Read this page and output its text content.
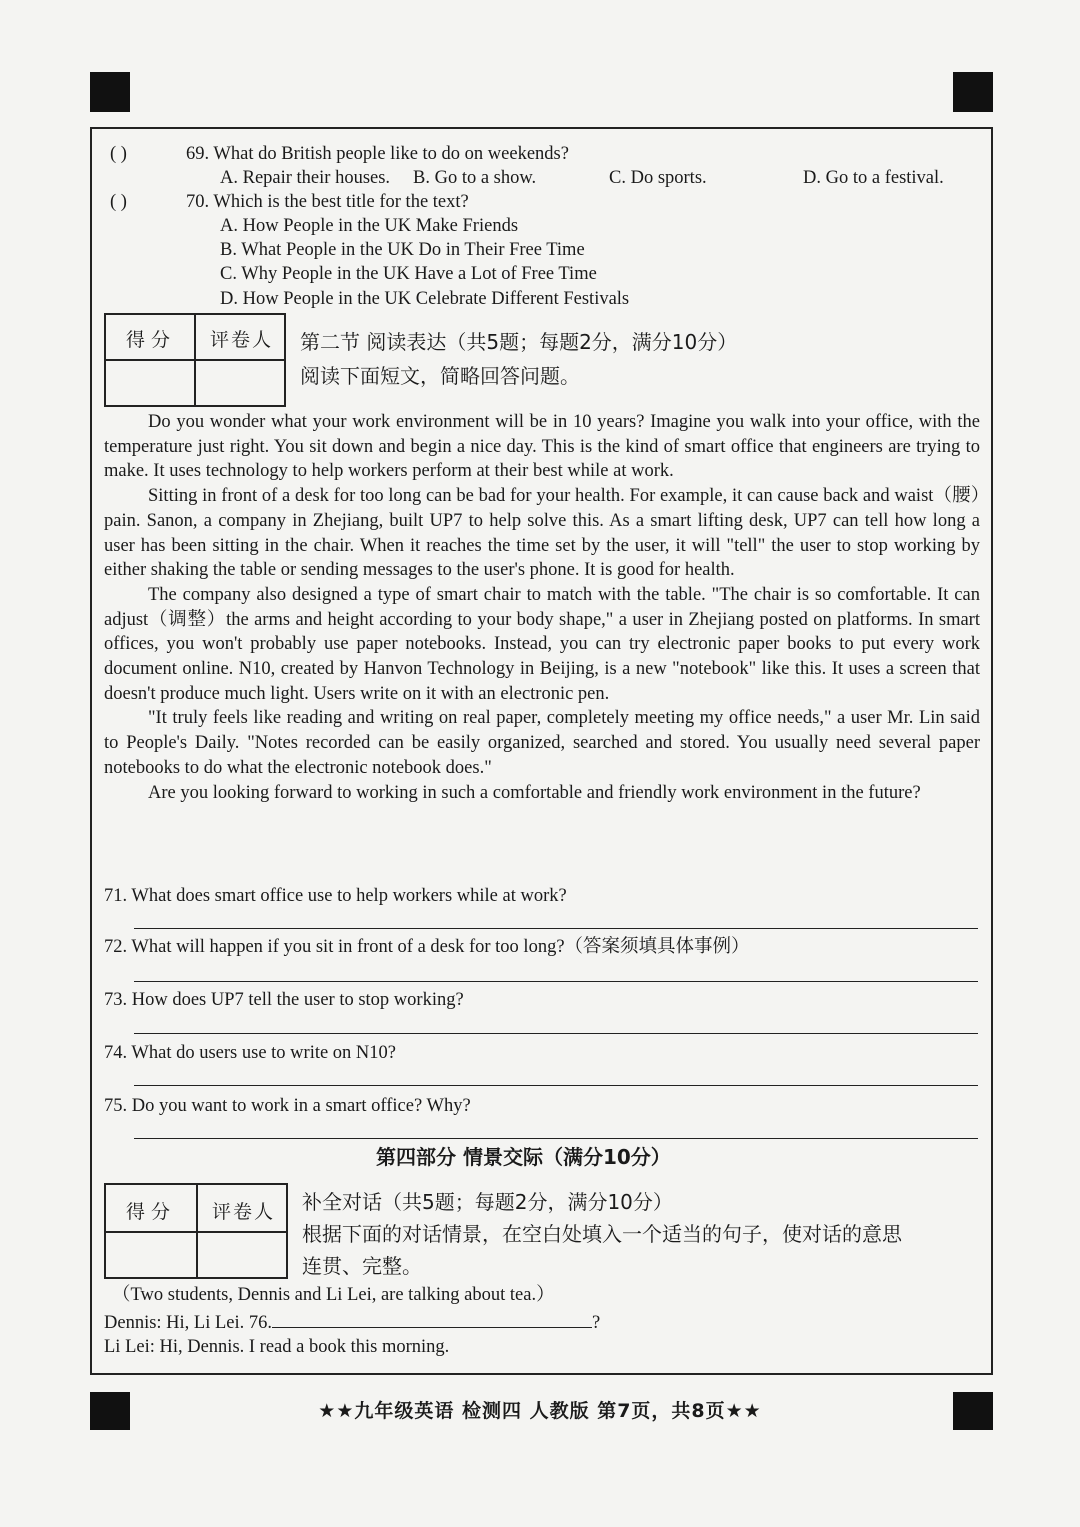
( )	69. What do British people like to do on weekends?
A. Repair their houses. B. Go to a show.	C. Do sports.	D. Go to a festival.
( )	70. Which is the best title for the text?
A. How People in the UK Make Friends
B. What People in the UK Do in Their Free Time
C. Why People in the UK Have a Lot of Free Time
D. How People in the UK Celebrate Different Festivals
得分 评卷人 第二节 阅读表达（共5题；每题2分，满分10分）
阅读下面短文，简略回答问题。

Do you wonder what your work environment will be in 10 years? Imagine you walk into your office, with the temperature just right. You sit down and begin a nice day. This is the kind of smart office that engineers are trying to make. It uses technology to help workers perform at their best while at work.

Sitting in front of a desk for too long can be bad for your health. For example, it can cause back and waist（腰）pain. Sanon, a company in Zhejiang, built UP7 to help solve this. As a smart lifting desk, UP7 can tell how long a user has been sitting in the chair. When it reaches the time set by the user, it will "tell" the user to stop working by either shaking the table or sending messages to the user's phone. It is good for health.

The company also designed a type of smart chair to match with the table. "The chair is so comfortable. It can adjust（调整）the arms and height according to your body shape," a user in Zhejiang posted on platforms. In smart offices, you won't probably use paper notebooks. Instead, you can try electronic paper books to put every work document online. N10, created by Hanvon Technology in Beijing, is a new "notebook" like this. It uses a screen that doesn't produce much light. Users write on it with an electronic pen.

"It truly feels like reading and writing on real paper, completely meeting my office needs," a user Mr. Lin said to People's Daily. "Notes recorded can be easily organized, searched and stored. You usually need several paper notebooks to do what the electronic notebook does."

Are you looking forward to working in such a comfortable and friendly work environment in the future?

71. What does smart office use to help workers while at work?
72. What will happen if you sit in front of a desk for too long?（答案须填具体事例）
73. How does UP7 tell the user to stop working?
74. What do users use to write on N10?
75. Do you want to work in a smart office? Why?
第四部分 情景交际（满分10分）
得分 评卷人 补全对话（共5题；每题2分，满分10分）
根据下面的对话情景，在空白处填入一个适当的句子，使对话的意思
连贯、完整。
（Two students, Dennis and Li Lei, are talking about tea.）
Dennis: Hi, Li Lei. 76.	?
Li Lei: Hi, Dennis. I read a book this morning.
★★九年级英语 检测四 人教版 第7页，共8页★★
